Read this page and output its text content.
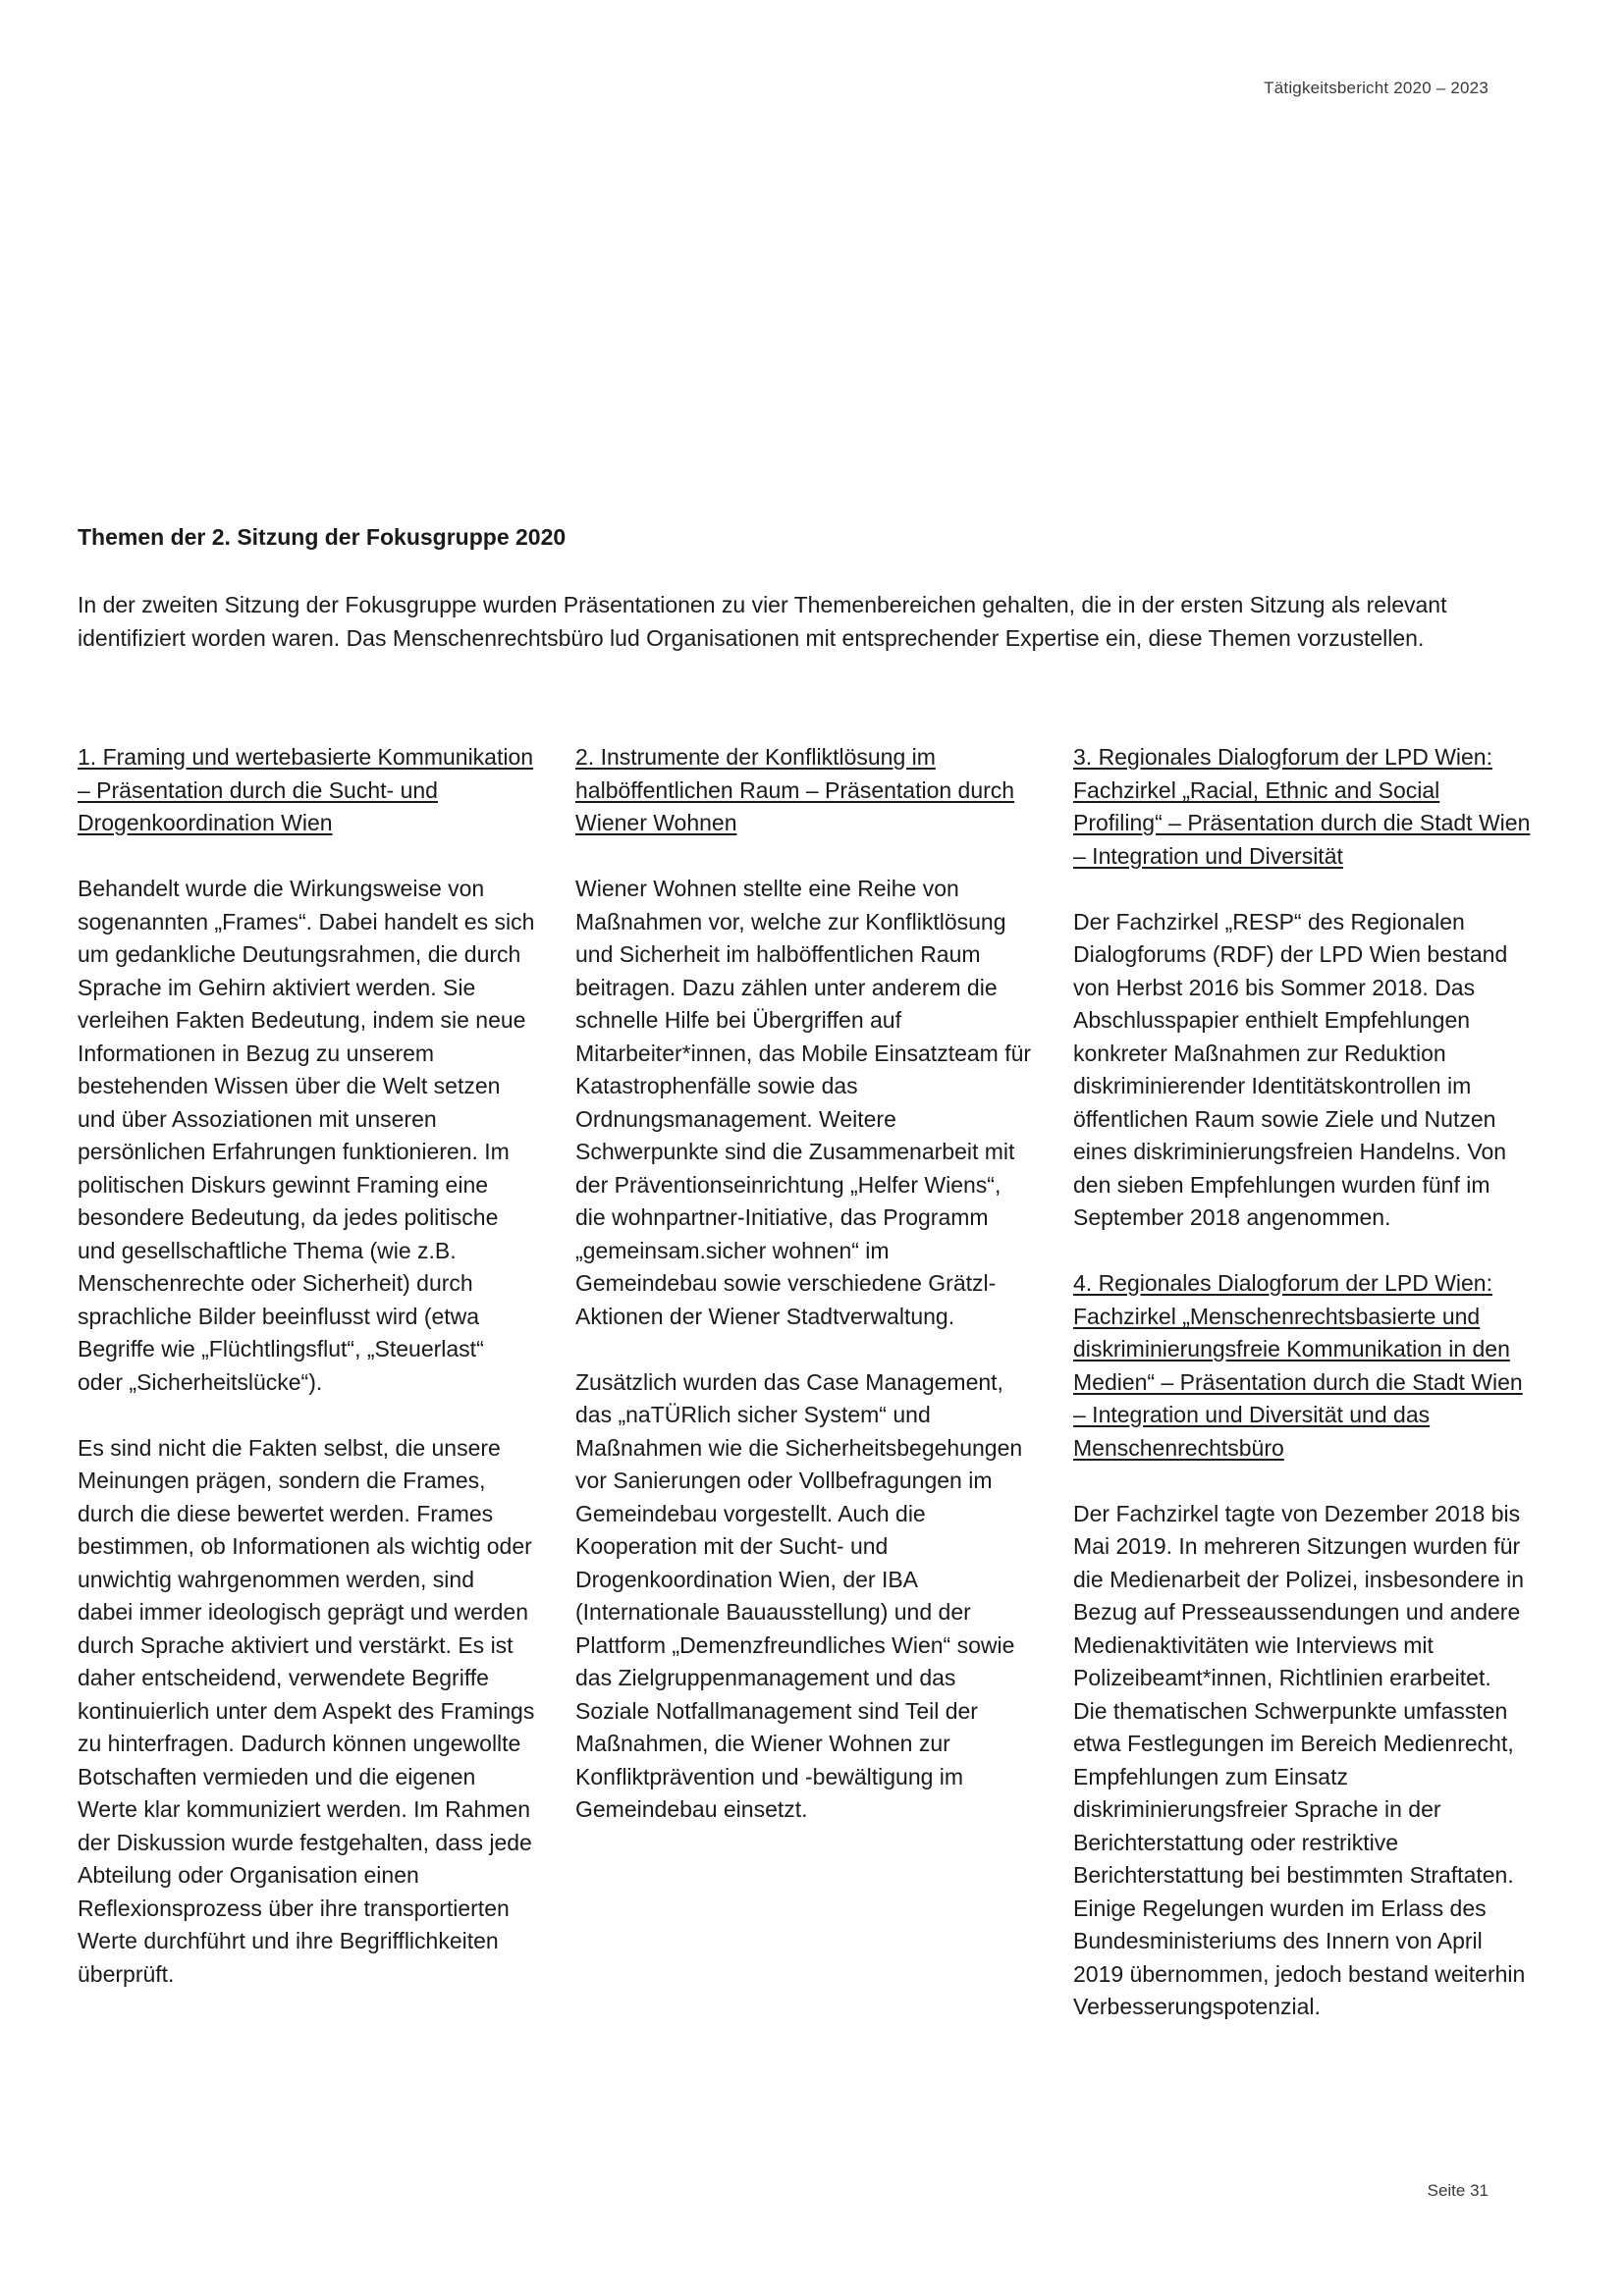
Tätigkeitsbericht 2020 – 2023
Themen der 2. Sitzung der Fokusgruppe 2020

In der zweiten Sitzung der Fokusgruppe wurden Präsentationen zu vier Themenbereichen gehalten, die in der ersten Sitzung als relevant identifiziert worden waren. Das Menschenrechtsbüro lud Organisationen mit entsprechender Expertise ein, diese Themen vorzustellen.

1. Framing und wertebasierte Kommunikation – Präsentation durch die Sucht- und Drogenkoordination Wien

Behandelt wurde die Wirkungsweise von sogenannten „Frames“. Dabei handelt es sich um gedankliche Deutungsrahmen, die durch Sprache im Gehirn aktiviert werden. Sie verleihen Fakten Bedeutung, indem sie neue Informationen in Bezug zu unserem bestehenden Wissen über die Welt setzen und über Assoziationen mit unseren persönlichen Erfahrungen funktionieren. Im politischen Diskurs gewinnt Framing eine besondere Bedeutung, da jedes politische und gesellschaftliche Thema (wie z.B. Menschenrechte oder Sicherheit) durch sprachliche Bilder beeinflusst wird (etwa Begriffe wie „Flüchtlingsflut“, „Steuerlast“ oder „Sicherheitslücke“).

Es sind nicht die Fakten selbst, die unsere Meinungen prägen, sondern die Frames, durch die diese bewertet werden. Frames bestimmen, ob Informationen als wichtig oder unwichtig wahrgenommen werden, sind dabei immer ideologisch geprägt und werden durch Sprache aktiviert und verstärkt. Es ist daher entscheidend, verwendete Begriffe kontinuierlich unter dem Aspekt des Framings zu hinterfragen. Dadurch können ungewollte Botschaften vermieden und die eigenen Werte klar kommuniziert werden. Im Rahmen der Diskussion wurde festgehalten, dass jede Abteilung oder Organisation einen Reflexionsprozess über ihre transportierten Werte durchführt und ihre Begrifflichkeiten überprüft.

2. Instrumente der Konfliktlösung im halböffentlichen Raum – Präsentation durch Wiener Wohnen

Wiener Wohnen stellte eine Reihe von Maßnahmen vor, welche zur Konfliktlösung und Sicherheit im halböffentlichen Raum beitragen. Dazu zählen unter anderem die schnelle Hilfe bei Übergriffen auf Mitarbeiter*innen, das Mobile Einsatzteam für Katastrophenfälle sowie das Ordnungsmanagement. Weitere Schwerpunkte sind die Zusammenarbeit mit der Präventionseinrichtung „Helfer Wiens“, die wohnpartner-Initiative, das Programm „gemeinsam.sicher wohnen“ im Gemeindebau sowie verschiedene Grätzl-Aktionen der Wiener Stadtverwaltung.

Zusätzlich wurden das Case Management, das „naTÜRlich sicher System“ und Maßnahmen wie die Sicherheitsbegehungen vor Sanierungen oder Vollbefragungen im Gemeindebau vorgestellt. Auch die Kooperation mit der Sucht- und Drogenkoordination Wien, der IBA (Internationale Bauausstellung) und der Plattform „Demenzfreundliches Wien“ sowie das Zielgruppenmanagement und das Soziale Notfallmanagement sind Teil der Maßnahmen, die Wiener Wohnen zur Konfliktprävention und -bewältigung im Gemeindebau einsetzt.

3. Regionales Dialogforum der LPD Wien: Fachzirkel „Racial, Ethnic and Social Profiling“ – Präsentation durch die Stadt Wien – Integration und Diversität

Der Fachzirkel „RESP“ des Regionalen Dialogforums (RDF) der LPD Wien bestand von Herbst 2016 bis Sommer 2018. Das Abschlusspapier enthielt Empfehlungen konkreter Maßnahmen zur Reduktion diskriminierender Identitätskontrollen im öffentlichen Raum sowie Ziele und Nutzen eines diskriminierungsfreien Handelns. Von den sieben Empfehlungen wurden fünf im September 2018 angenommen.

4. Regionales Dialogforum der LPD Wien: Fachzirkel „Menschenrechtsbasierte und diskriminierungsfreie Kommunikation in den Medien“ – Präsentation durch die Stadt Wien – Integration und Diversität und das Menschenrechtsbüro

Der Fachzirkel tagte von Dezember 2018 bis Mai 2019. In mehreren Sitzungen wurden für die Medienarbeit der Polizei, insbesondere in Bezug auf Presseaussendungen und andere Medienaktivitäten wie Interviews mit Polizeibeamt*innen, Richtlinien erarbeitet. Die thematischen Schwerpunkte umfassten etwa Festlegungen im Bereich Medienrecht, Empfehlungen zum Einsatz diskriminierungsfreier Sprache in der Berichterstattung oder restriktive Berichterstattung bei bestimmten Straftaten. Einige Regelungen wurden im Erlass des Bundesministeriums des Innern von April 2019 übernommen, jedoch bestand weiterhin Verbesserungspotenzial.

Seite 31
